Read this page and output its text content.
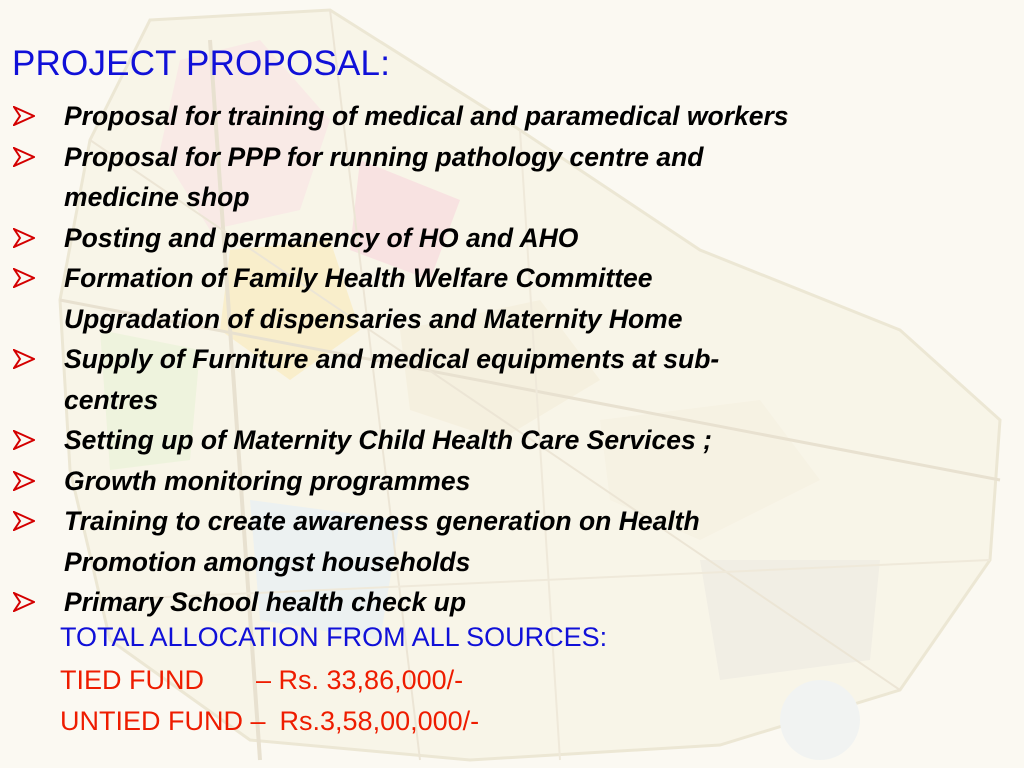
PROJECT PROPOSAL:
Proposal for training of medical and paramedical workers
Proposal for PPP for running pathology centre and
medicine shop
Posting and permanency of HO and AHO
Formation of Family Health Welfare Committee
Upgradation of dispensaries and Maternity Home
Supply of Furniture and medical equipments at sub-
centres
Setting up of Maternity Child Health Care Services ;
Growth monitoring programmes
Training to create awareness generation on Health
Promotion amongst households
Primary School health check up

TOTAL ALLOCATION FROM ALL SOURCES:

TIED FUND – Rs. 33,86,000/-

UNTIED FUND – Rs.3,58,00,000/-
